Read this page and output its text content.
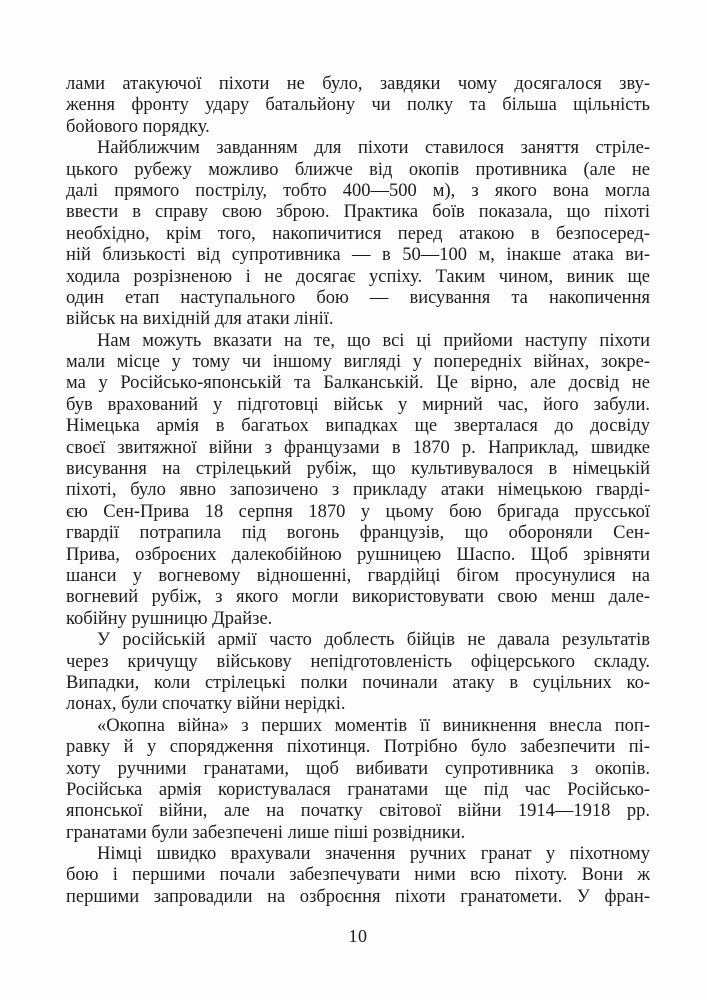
лами атакуючої піхоти не було, завдяки чому досягалося зву-
ження фронту удару батальйону чи полку та більша щільність
бойового порядку.
Найближчим завданням для піхоти ставилося заняття стріле-
цького рубежу можливо ближче від окопів противника (але не
далі прямого пострілу, тобто 400—500 м), з якого вона могла
ввести в справу свою зброю. Практика боїв показала, що піхоті
необхідно, крім того, накопичитися перед атакою в безпосеред-
ній близькості від супротивника — в 50—100 м, інакше атака ви-
ходила розрізненою і не досягає успіху. Таким чином, виник ще
один етап наступального бою — висування та накопичення
військ на вихідній для атаки лінії.
Нам можуть вказати на те, що всі ці прийоми наступу піхоти
мали місце у тому чи іншому вигляді у попередніх війнах, зокре-
ма у Російсько-японській та Балканській. Це вірно, але досвід не
був врахований у підготовці військ у мирний час, його забули.
Німецька армія в багатьох випадках ще зверталася до досвіду
своєї звитяжної війни з французами в 1870 р. Наприклад, швидке
висування на стрілецький рубіж, що культивувалося в німецькій
піхоті, було явно запозичено з прикладу атаки німецькою гварді-
єю Сен-Прива 18 серпня 1870 у цьому бою бригада прусської
гвардії потрапила під вогонь французів, що обороняли Сен-
Прива, озброєних далекобійною рушницею Шаспо. Щоб зрівняти
шанси у вогневому відношенні, гвардійці бігом просунулися на
вогневий рубіж, з якого могли використовувати свою менш дале-
кобійну рушницю Драйзе.
У російській армії часто доблесть бійців не давала результатів
через кричущу військову непідготовленість офіцерського складу.
Випадки, коли стрілецькі полки починали атаку в суцільних ко-
лонах, були спочатку війни нерідкі.
«Окопна війна» з перших моментів її виникнення внесла поп-
равку й у спорядження піхотинця. Потрібно було забезпечити пі-
хоту ручними гранатами, щоб вибивати супротивника з окопів.
Російська армія користувалася гранатами ще під час Російсько-
японської війни, але на початку світової війни 1914—1918 рр.
гранатами були забезпечені лише піші розвідники.
Німці швидко врахували значення ручних гранат у піхотному
бою і першими почали забезпечувати ними всю піхоту. Вони ж
першими запровадили на озброєння піхоти гранатомети. У фран-
10
